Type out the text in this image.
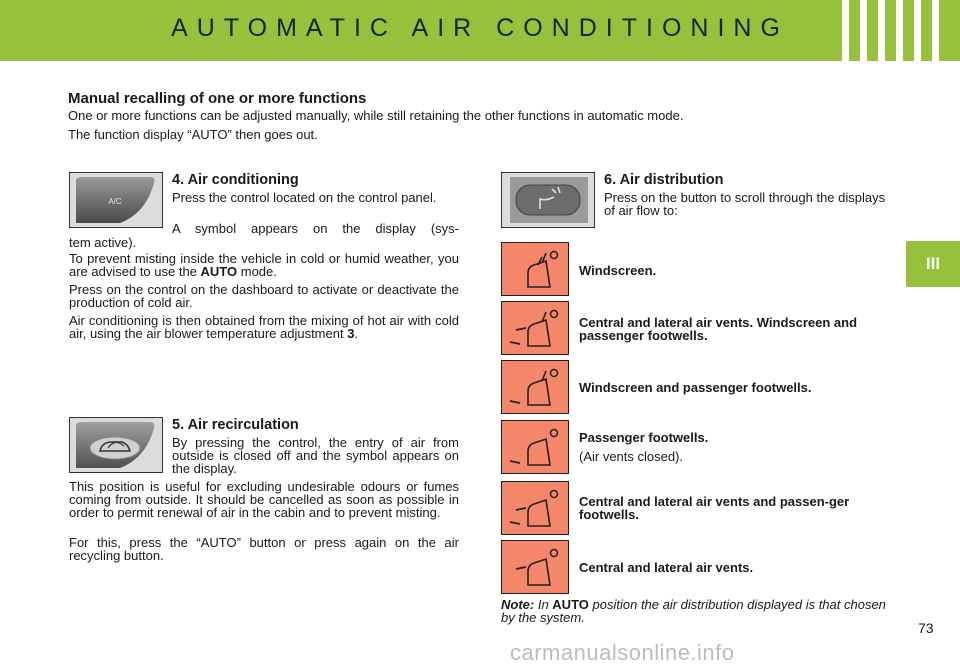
AUTOMATIC AIR CONDITIONING
III
Manual recalling of one or more functions
One or more functions can be adjusted manually, while still retaining the other functions in automatic mode.
The function display “AUTO” then goes out.
A/C
4. Air conditioning
Press the control located on the control panel.
A symbol appears on the display (sys-
tem active).
To prevent misting inside the vehicle in cold or humid weather, you are advised to use the AUTO mode.
Press on the control on the dashboard to activate or deactivate the production of cold air.
Air conditioning is then obtained from the mixing of hot air with cold air, using the air blower temperature adjustment 3.
5. Air recirculation
By pressing the control, the entry of air from outside is closed off and the symbol appears on the display.
This position is useful for excluding undesirable odours or fumes coming from outside. It should be cancelled as soon as possible in order to permit renewal of air in the cabin and to prevent misting.
For this, press the “AUTO” button or press again on the air recycling button.
6. Air distribution
Press on the button to scroll through the displays of air flow to:
Windscreen.
Central and lateral air vents. Windscreen and passenger footwells.
Windscreen and passenger footwells.
Passenger footwells.
(Air vents closed).
Central and lateral air vents and passen-ger footwells.
Central and lateral air vents.
Note: In AUTO position the air distribution displayed is that chosen by the system.
73
carmanualsonline.info
